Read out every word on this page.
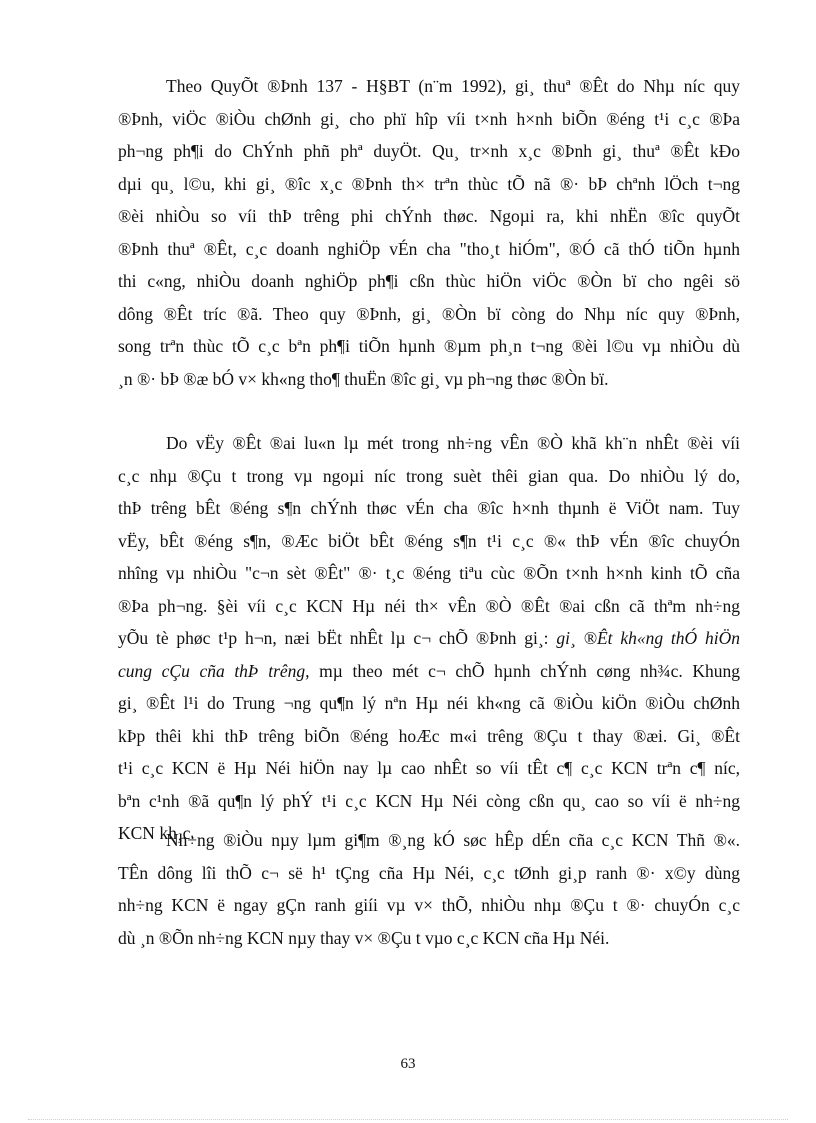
Theo QuyÕt ®Þnh 137 - H§BT (n¨m 1992), gi¸ thuª ®Êt do Nhµ níc quy
®Þnh, viÖc ®iÒu chØnh gi¸ cho phï hîp víi t×nh h×nh biÕn ®éng t¹i c¸c ®Þa
ph¬ng ph¶i do ChÝnh phñ phª duyÖt. Qu¸ tr×nh x¸c ®Þnh gi¸ thuª ®Êt kÐo
dµi qu¸ l©u, khi gi¸ ®îc x¸c ®Þnh th× trªn thùc tÕ nã ®· bÞ chªnh lÖch t¬ng
®èi nhiÒu so víi thÞ trêng phi chÝnh thøc. Ngoµi ra, khi nhËn ®îc quyÕt
®Þnh thuª ®Êt, c¸c doanh nghiÖp vÉn cha "tho¸t hiÓm", ®Ó cã thÓ tiÕn hµnh
thi c«ng, nhiÒu doanh nghiÖp ph¶i cßn thùc hiÖn viÖc ®Òn bï cho ngêi sö
dông ®Êt tríc ®ã. Theo quy ®Þnh, gi¸ ®Òn bï còng do Nhµ níc quy ®Þnh,
song trªn thùc tÕ c¸c bªn ph¶i tiÕn hµnh ®µm ph¸n t¬ng ®èi l©u vµ nhiÒu dù
¸n ®· bÞ ®æ bÓ v× kh«ng tho¶ thuËn ®îc gi¸ vµ ph¬ng thøc ®Òn bï.
Do vËy ®Êt ®ai lu«n lµ mét trong nh÷ng vÊn ®Ò khã kh¨n nhÊt ®èi víi
c¸c nhµ ®Çu t trong vµ ngoµi níc trong suèt thêi gian qua. Do nhiÒu lý do,
thÞ trêng bÊt ®éng s¶n chÝnh thøc vÉn cha ®îc h×nh thµnh ë ViÖt nam. Tuy
vËy, bÊt ®éng s¶n, ®Æc biÖt bÊt ®éng s¶n t¹i c¸c ®« thÞ vÉn ®îc chuyÓn
nhîng vµ nhiÒu "c¬n sèt ®Êt" ®· t¸c ®éng tiªu cùc ®Õn t×nh h×nh kinh tÕ cña
®Þa ph¬ng. §èi víi c¸c KCN Hµ néi th× vÊn ®Ò ®Êt ®ai cßn cã thªm nh÷ng
yÕu tè phøc t¹p h¬n, næi bËt nhÊt lµ c¬ chÕ ®Þnh gi¸: gi¸ ®Êt kh«ng thÓ hiÖn
cung cÇu cña thÞ trêng, mµ theo mét c¬ chÕ hµnh chÝnh cøng nh¾c. Khung
gi¸ ®Êt l¹i do Trung ¬ng qu¶n lý nªn Hµ néi kh«ng cã ®iÒu kiÖn ®iÒu chØnh
kÞp thêi khi thÞ trêng biÕn ®éng hoÆc m«i trêng ®Çu t thay ®æi. Gi¸ ®Êt
t¹i c¸c KCN ë Hµ Néi hiÖn nay lµ cao nhÊt so víi tÊt c¶ c¸c KCN trªn c¶ níc,
bªn c¹nh ®ã qu¶n lý phÝ t¹i c¸c KCN Hµ Néi còng cßn qu¸ cao so víi ë nh÷ng
KCN kh¸c.
Nh÷ng ®iÒu nµy lµm gi¶m ®¸ng kÓ søc hÊp dÉn cña c¸c KCN Thñ ®«.
TÊn dông lîi thÕ c¬ së h¹ tÇng cña Hµ Néi, c¸c tØnh gi¸p ranh ®· x©y dùng
nh÷ng KCN ë ngay gÇn ranh giíi vµ v× thÕ, nhiÒu nhµ ®Çu t ®· chuyÓn c¸c
dù ¸n ®Õn nh÷ng KCN nµy thay v× ®Çu t vµo c¸c KCN cña Hµ Néi.
63
